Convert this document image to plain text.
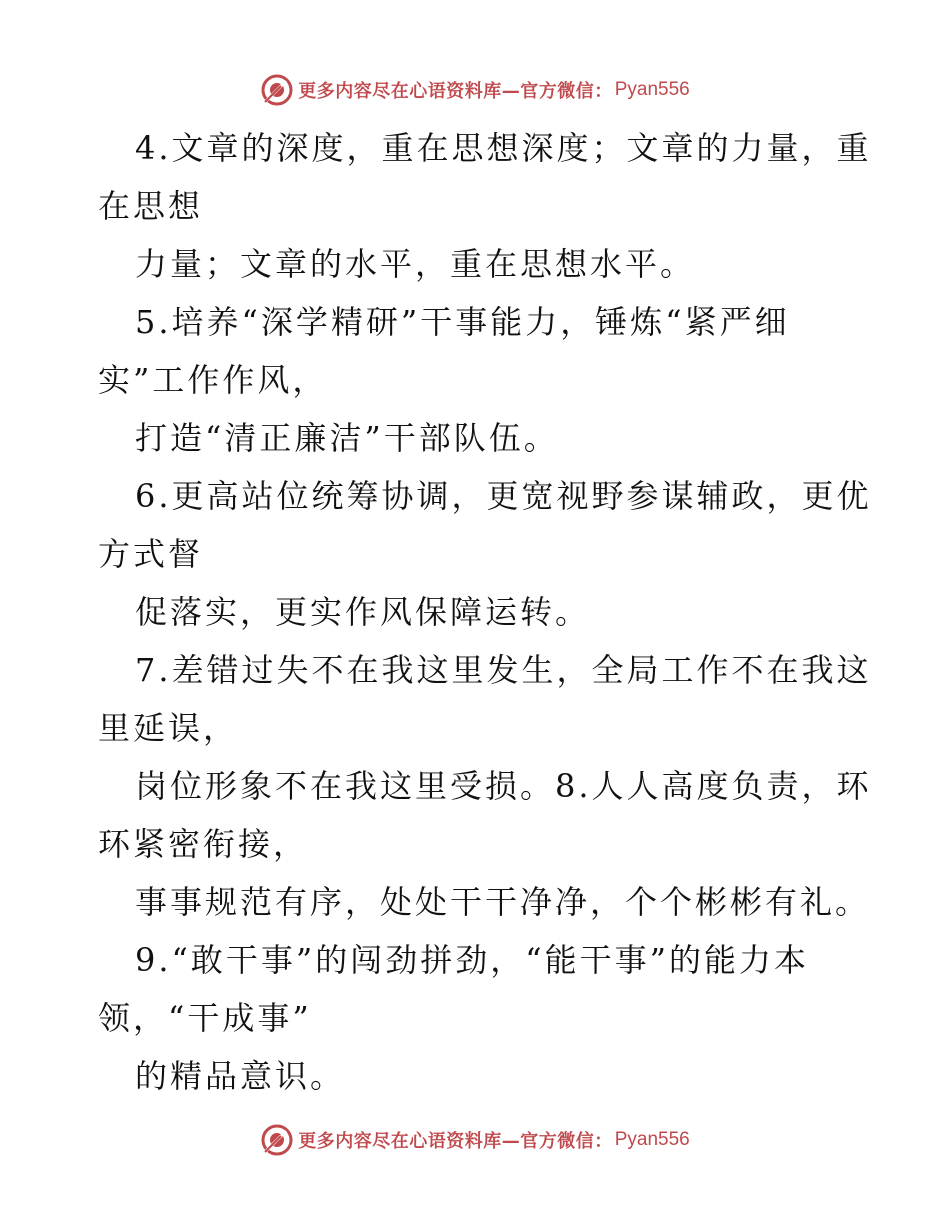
更多内容尽在心语资料库—官方微信： Pyan556
4.文章的深度，重在思想深度；文章的力量，重
在思想
力量；文章的水平，重在思想水平。
5.培养“深学精研”干事能力，锤炼“紧严细
实”工作作风，
打造“清正廉洁”干部队伍。
6.更高站位统筹协调，更宽视野参谋辅政，更优
方式督
促落实，更实作风保障运转。
7.差错过失不在我这里发生，全局工作不在我这
里延误，
岗位形象不在我这里受损。8.人人高度负责，环
环紧密衔接，
事事规范有序，处处干干净净，个个彬彬有礼。
9.“敢干事”的闯劲拼劲，“能干事”的能力本
领，“干成事”
的精品意识。
更多内容尽在心语资料库—官方微信： Pyan556
